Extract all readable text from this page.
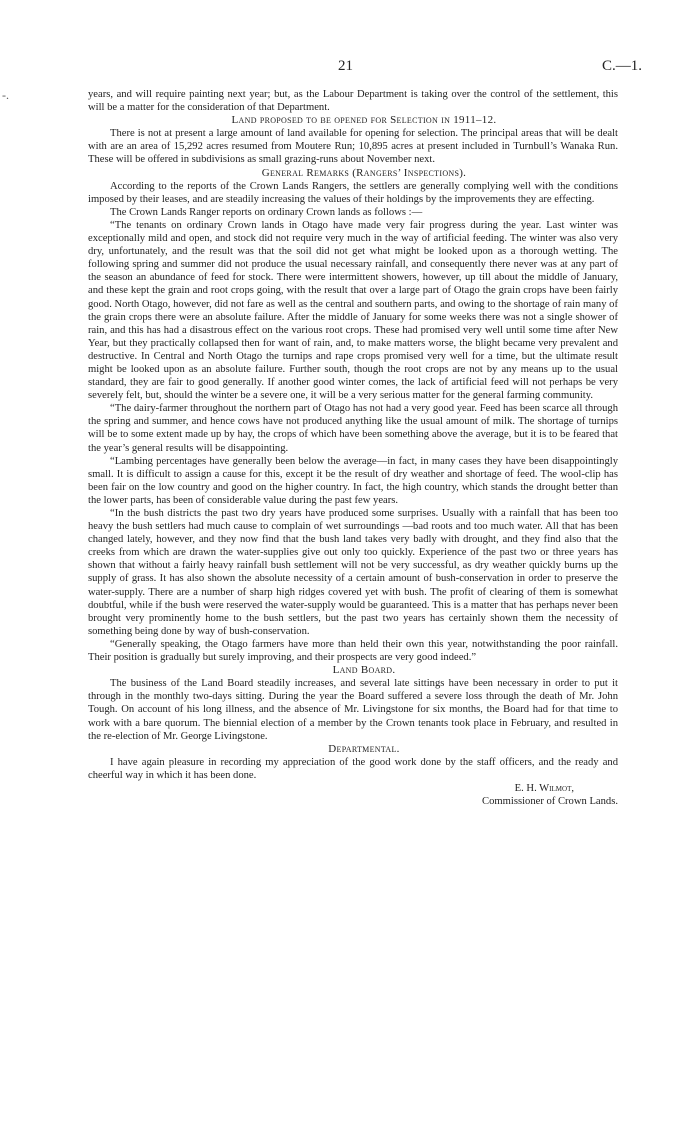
-.
21	C.—1.

years, and will require painting next year; but, as the Labour Department is taking over the control of the settlement, this will be a matter for the consideration of that Department.

Land proposed to be opened for Selection in 1911–12.

There is not at present a large amount of land available for opening for selection. The principal areas that will be dealt with are an area of 15,292 acres resumed from Moutere Run; 10,895 acres at present included in Turnbull’s Wanaka Run. These will be offered in subdivisions as small grazing-runs about November next.

General Remarks (Rangers’ Inspections).

According to the reports of the Crown Lands Rangers, the settlers are generally complying well with the conditions imposed by their leases, and are steadily increasing the values of their holdings by the improvements they are effecting.

The Crown Lands Ranger reports on ordinary Crown lands as follows :—

“The tenants on ordinary Crown lands in Otago have made very fair progress during the year. Last winter was exceptionally mild and open, and stock did not require very much in the way of artificial feeding. The winter was also very dry, unfortunately, and the result was that the soil did not get what might be looked upon as a thorough wetting. The following spring and summer did not produce the usual necessary rainfall, and consequently there never was at any part of the season an abundance of feed for stock. There were intermittent showers, however, up till about the middle of January, and these kept the grain and root crops going, with the result that over a large part of Otago the grain crops have been fairly good. North Otago, however, did not fare as well as the central and southern parts, and owing to the shortage of rain many of the grain crops there were an absolute failure. After the middle of January for some weeks there was not a single shower of rain, and this has had a disastrous effect on the various root crops. These had promised very well until some time after New Year, but they practically collapsed then for want of rain, and, to make matters worse, the blight became very prevalent and destructive. In Central and North Otago the turnips and rape crops promised very well for a time, but the ultimate result might be looked upon as an absolute failure. Further south, though the root crops are not by any means up to the usual standard, they are fair to good generally. If another good winter comes, the lack of artificial feed will not perhaps be very severely felt, but, should the winter be a severe one, it will be a very serious matter for the general farming community.

“The dairy-farmer throughout the northern part of Otago has not had a very good year. Feed has been scarce all through the spring and summer, and hence cows have not produced anything like the usual amount of milk. The shortage of turnips will be to some extent made up by hay, the crops of which have been something above the average, but it is to be feared that the year’s general results will be disappointing.

“Lambing percentages have generally been below the average—in fact, in many cases they have been disappointingly small. It is difficult to assign a cause for this, except it be the result of dry weather and shortage of feed. The wool-clip has been fair on the low country and good on the higher country. In fact, the high country, which stands the drought better than the lower parts, has been of considerable value during the past few years.

“In the bush districts the past two dry years have produced some surprises. Usually with a rainfall that has been too heavy the bush settlers had much cause to complain of wet surroundings —bad roots and too much water. All that has been changed lately, however, and they now find that the bush land takes very badly with drought, and they find also that the creeks from which are drawn the water-supplies give out only too quickly. Experience of the past two or three years has shown that without a fairly heavy rainfall bush settlement will not be very successful, as dry weather quickly burns up the supply of grass. It has also shown the absolute necessity of a certain amount of bush-conservation in order to preserve the water-supply. There are a number of sharp high ridges covered yet with bush. The profit of clearing of them is somewhat doubtful, while if the bush were reserved the water-supply would be guaranteed. This is a matter that has perhaps never been brought very prominently home to the bush settlers, but the past two years has certainly shown them the necessity of something being done by way of bush-conservation.

“Generally speaking, the Otago farmers have more than held their own this year, notwithstanding the poor rainfall. Their position is gradually but surely improving, and their prospects are very good indeed.”

Land Board.

The business of the Land Board steadily increases, and several late sittings have been necessary in order to put it through in the monthly two-days sitting. During the year the Board suffered a severe loss through the death of Mr. John Tough. On account of his long illness, and the absence of Mr. Livingstone for six months, the Board had for that time to work with a bare quorum. The biennial election of a member by the Crown tenants took place in February, and resulted in the re-election of Mr. George Livingstone.

Departmental.

I have again pleasure in recording my appreciation of the good work done by the staff officers, and the ready and cheerful way in which it has been done.

E. H. Wilmot,

Commissioner of Crown Lands.
